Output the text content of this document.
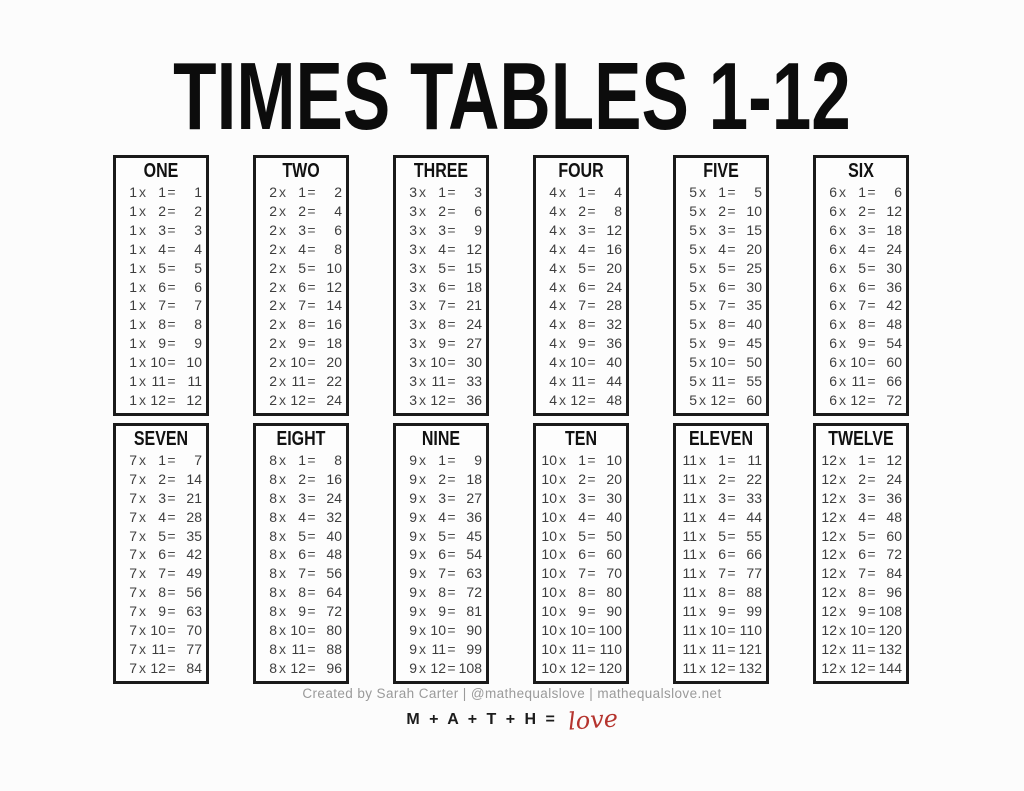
TIMES TABLES 1-12
ONE
1 x 1 =	1
1 x 2 =	2
1 x 3 =	3
1 x 4 =	4
1 x 5 =	5
1 x 6 =	6
1 x 7 =	7
1 x 8 =	8
1 x 9 =	9
1 x 10 = 10
1 x 11 = 11
1 x 12 = 12
TWO
2 x 1 =	2
2 x 2 =	4
2 x 3 =	6
2 x 4 =	8
2 x 5 = 10
2 x 6 = 12
2 x 7 = 14
2 x 8 = 16
2 x 9 = 18
2 x 10 = 20
2 x 11 = 22
2 x 12 = 24
THREE
3 x 1 =	3
3 x 2 =	6
3 x 3 =	9
3 x 4 = 12
3 x 5 = 15
3 x 6 = 18
3 x 7 = 21
3 x 8 = 24
3 x 9 = 27
3 x 10 = 30
3 x 11 = 33
3 x 12 = 36
FOUR
4 x 1 =	4
4 x 2 =	8
4 x 3 = 12
4 x 4 = 16
4 x 5 = 20
4 x 6 = 24
4 x 7 = 28
4 x 8 = 32
4 x 9 = 36
4 x 10 = 40
4 x 11 = 44
4 x 12 = 48
FIVE
5 x 1 =	5
5 x 2 = 10
5 x 3 = 15
5 x 4 = 20
5 x 5 = 25
5 x 6 = 30
5 x 7 = 35
5 x 8 = 40
5 x 9 = 45
5 x 10 = 50
5 x 11 = 55
5 x 12 = 60
SIX
6 x 1 =	6
6 x 2 = 12
6 x 3 = 18
6 x 4 = 24
6 x 5 = 30
6 x 6 = 36
6 x 7 = 42
6 x 8 = 48
6 x 9 = 54
6 x 10 = 60
6 x 11 = 66
6 x 12 = 72
SEVEN
7 x 1 =	7
7 x 2 = 14
7 x 3 = 21
7 x 4 = 28
7 x 5 = 35
7 x 6 = 42
7 x 7 = 49
7 x 8 = 56
7 x 9 = 63
7 x 10 = 70
7 x 11 = 77
7 x 12 = 84
EIGHT
8 x 1 =	8
8 x 2 = 16
8 x 3 = 24
8 x 4 = 32
8 x 5 = 40
8 x 6 = 48
8 x 7 = 56
8 x 8 = 64
8 x 9 = 72
8 x 10 = 80
8 x 11 = 88
8 x 12 = 96
NINE
9 x 1 =	9
9 x 2 = 18
9 x 3 = 27
9 x 4 = 36
9 x 5 = 45
9 x 6 = 54
9 x 7 = 63
9 x 8 = 72
9 x 9 = 81
9 x 10 = 90
9 x 11 = 99
9 x 12 = 108
TEN
10 x 1 = 10
10 x 2 = 20
10 x 3 = 30
10 x 4 = 40
10 x 5 = 50
10 x 6 = 60
10 x 7 = 70
10 x 8 = 80
10 x 9 = 90
10 x 10 = 100
10 x 11 = 110
10 x 12 = 120
ELEVEN
11 x 1 = 11
11 x 2 = 22
11 x 3 = 33
11 x 4 = 44
11 x 5 = 55
11 x 6 = 66
11 x 7 = 77
11 x 8 = 88
11 x 9 = 99
11 x 10 = 110
11 x 11 = 121
11 x 12 = 132
TWELVE
12 x 1 = 12
12 x 2 = 24
12 x 3 = 36
12 x 4 = 48
12 x 5 = 60
12 x 6 = 72
12 x 7 = 84
12 x 8 = 96
12 x 9 = 108
12 x 10 = 120
12 x 11 = 132
12 x 12 = 144
Created by Sarah Carter | @mathequalslove | mathequalslove.net
M + A + T + H = love
